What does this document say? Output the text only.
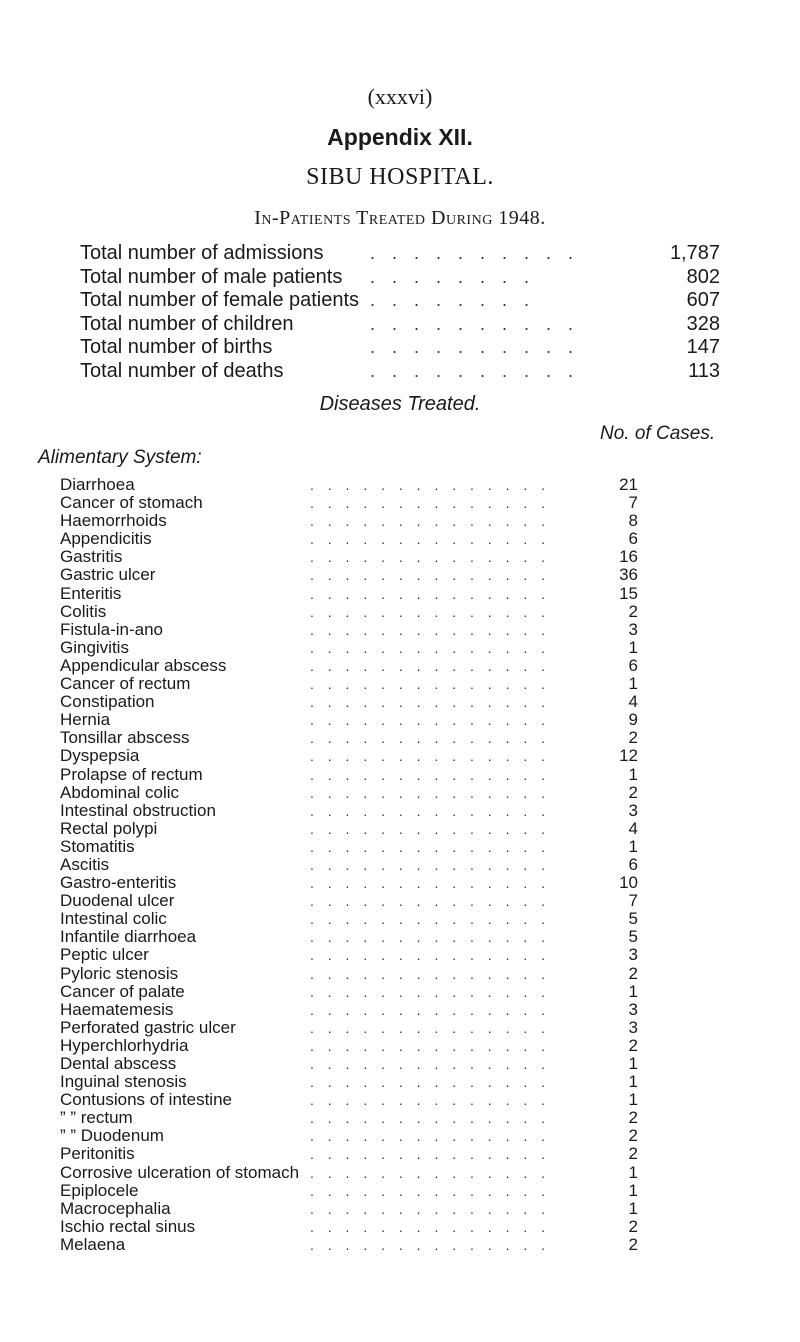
(xxxvi)
Appendix XII.
SIBU HOSPITAL.
In-Patients Treated During 1948.
Total number of admissions	. . . . . . . . . .	1,787
Total number of male patients . . . . . . . .	802
Total number of female patients . . . . . . . .	607
Total number of children	. . . . . . . . . .	328
Total number of births	. . . . . . . . . .	147
Total number of deaths	. . . . . . . . . .	113
Diseases Treated.
No. of Cases.
Alimentary System:
Diarrhoea	. . . . . . . . . . . . . .	21
Cancer of stomach	. . . . . . . . . . . . . .	7
Haemorrhoids	. . . . . . . . . . . . . .	8
Appendicitis	. . . . . . . . . . . . . .	6
Gastritis	. . . . . . . . . . . . . .	16
Gastric ulcer	. . . . . . . . . . . . . .	36
Enteritis	. . . . . . . . . . . . . .	15
Colitis	. . . . . . . . . . . . . .	2
Fistula-in-ano	. . . . . . . . . . . . . .	3
Gingivitis	. . . . . . . . . . . . . .	1
Appendicular abscess	. . . . . . . . . . . . . .	6
Cancer of rectum	. . . . . . . . . . . . . .	1
Constipation	. . . . . . . . . . . . . .	4
Hernia	. . . . . . . . . . . . . .	9
Tonsillar abscess	. . . . . . . . . . . . . .	2
Dyspepsia	. . . . . . . . . . . . . .	12
Prolapse of rectum	. . . . . . . . . . . . . .	1
Abdominal colic	. . . . . . . . . . . . . .	2
Intestinal obstruction	. . . . . . . . . . . . . .	3
Rectal polypi	. . . . . . . . . . . . . .	4
Stomatitis	. . . . . . . . . . . . . .	1
Ascitis	. . . . . . . . . . . . . .	6
Gastro-enteritis	. . . . . . . . . . . . . .	10
Duodenal ulcer	. . . . . . . . . . . . . .	7
Intestinal colic	. . . . . . . . . . . . . .	5
Infantile diarrhoea	. . . . . . . . . . . . . .	5
Peptic ulcer	. . . . . . . . . . . . . .	3
Pyloric stenosis	. . . . . . . . . . . . . .	2
Cancer of palate	. . . . . . . . . . . . . .	1
Haematemesis	. . . . . . . . . . . . . .	3
Perforated gastric ulcer	. . . . . . . . . . . . . .	3
Hyperchlorhydria	. . . . . . . . . . . . . .	2
Dental abscess	. . . . . . . . . . . . . .	1
Inguinal stenosis	. . . . . . . . . . . . . .	1
Contusions of intestine	. . . . . . . . . . . . . .	1
” ” rectum	. . . . . . . . . . . . . .	2
” ” Duodenum	. . . . . . . . . . . . . .	2
Peritonitis	. . . . . . . . . . . . . .	2
Corrosive ulceration of stomach . . . . . . . . . . . . . .	1
Epiplocele	. . . . . . . . . . . . . .	1
Macrocephalia	. . . . . . . . . . . . . .	1
Ischio rectal sinus	. . . . . . . . . . . . . .	2
Melaena	. . . . . . . . . . . . . .	2
